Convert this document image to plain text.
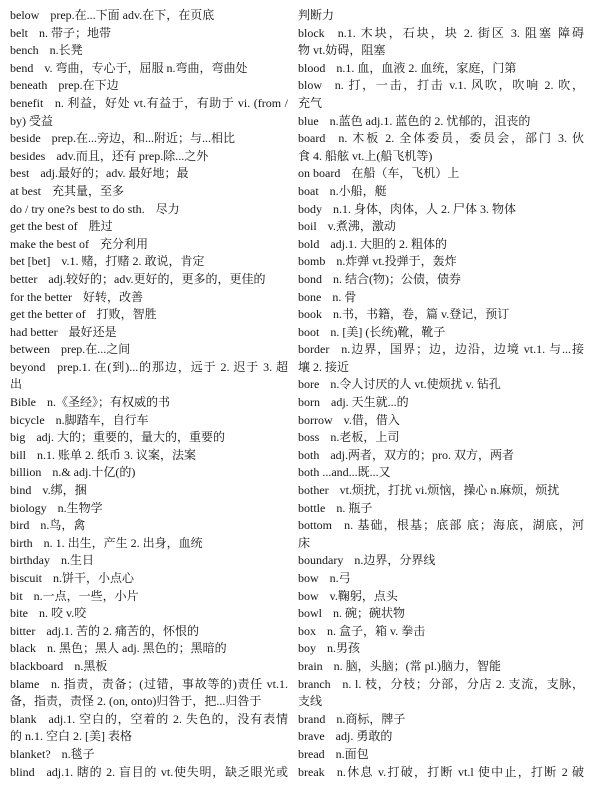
below prep.在...下面 adv.在下，在页底
belt n. 带子；地带
bench n.长凳
bend v. 弯曲，专心于，屈服 n.弯曲，弯曲处
beneath prep.在下边
benefit n. 利益，好处 vt.有益于，有助于 vi. (from /
by) 受益
beside prep.在...旁边，和...附近；与...相比
besides adv.而且，还有 prep.除...之外
best adj.最好的；adv. 最好地；最
at best 充其量，至多
do / try one?s best to do sth. 尽力
get the best of 胜过
make the best of 充分利用
bet [bet] v.1. 赌，打赌 2. 敢说，肯定
better adj.较好的；adv.更好的，更多的，更佳的
for the better 好转，改善
get the better of 打败，智胜
had better 最好还是
between prep.在...之间
beyond prep.1. 在(到)...的那边，远于 2. 迟于 3. 超
出
Bible n.《圣经》；有权威的书
bicycle n.脚踏车，自行车
big adj. 大的；重要的，量大的，重要的
bill n.1. 账单 2. 纸币 3. 议案，法案
billion n.& adj.十亿(的)
bind v.绑，捆
biology n.生物学
bird n.鸟，禽
birth n. 1. 出生，产生 2. 出身，血统
birthday n.生日
biscuit n.饼干，小点心
bit n.一点，一些，小片
bite n. 咬 v.咬
bitter adj.1. 苦的 2. 痛苦的，怀恨的
black n. 黑色；黑人 adj. 黑色的；黑暗的
blackboard n.黑板
blame n. 指责，责备；(过错，事故等的)责任 vt.1.
备，指责，责怪 2. (on, onto)归咎于，把...归咎于
blank adj.1. 空白的，空着的 2. 失色的，没有表情
的 n.1. 空白 2. [美] 表格
blanket? n.毯子
blind adj.1. 瞎的 2. 盲目的 vt.使失明，缺乏眼光或
判断力
block n.1. 木块，石块，块 2. 街区 3. 阻塞 障碍
物 vt.妨碍，阻塞
blood n.1. 血，血液 2. 血统，家庭，门第
blow n. 打，一击，打击 v.1. 风吹，吹响 2. 吹，
充气
blue n.蓝色 adj.1. 蓝色的 2. 忧郁的，沮丧的
board n. 木板 2. 全体委员，委员会，部门 3. 伙
食 4. 船舷 vt.上(船飞机等)
on board 在船（车，飞机）上
boat n.小船，艇
body n.1. 身体，肉体，人 2. 尸体 3. 物体
boil v.煮沸，激动
bold adj.1. 大胆的 2. 粗体的
bomb n.炸弹 vt.投弹于，轰炸
bond n. 结合(物)；公债，债券
bone n. 骨
book n.书，书籍，卷，篇 v.登记，预订
boot n. [美] (长统)靴，靴子
border n.边界，国界；边，边沿，边境 vt.1. 与...接
壤 2. 接近
bore n.令人讨厌的人 vt.使烦扰 v. 钻孔
born adj. 天生就...的
borrow v.借，借入
boss n.老板，上司
both adj.两者，双方的；pro. 双方，两者
both ...and...既...又
bother vt.烦扰，打扰 vi.烦恼，操心 n.麻烦，烦扰
bottle n. 瓶子
bottom n. 基础，根基；底部 底；海底，湖底，河
床
boundary n.边界，分界线
bow n.弓
bow v.鞠躬，点头
bowl n. 碗；碗状物
box n. 盒子，箱 v. 拳击
boy n.男孩
brain n. 脑，头脑；(常 pl.)脑力，智能
branch n. l. 枝，分枝；分部，分店 2. 支流，支脉，
支线
brand n.商标，牌子
brave adj. 勇敢的
bread n.面包
break n.休息 v.打破，打断 vt.l 使中止，打断 2 破
